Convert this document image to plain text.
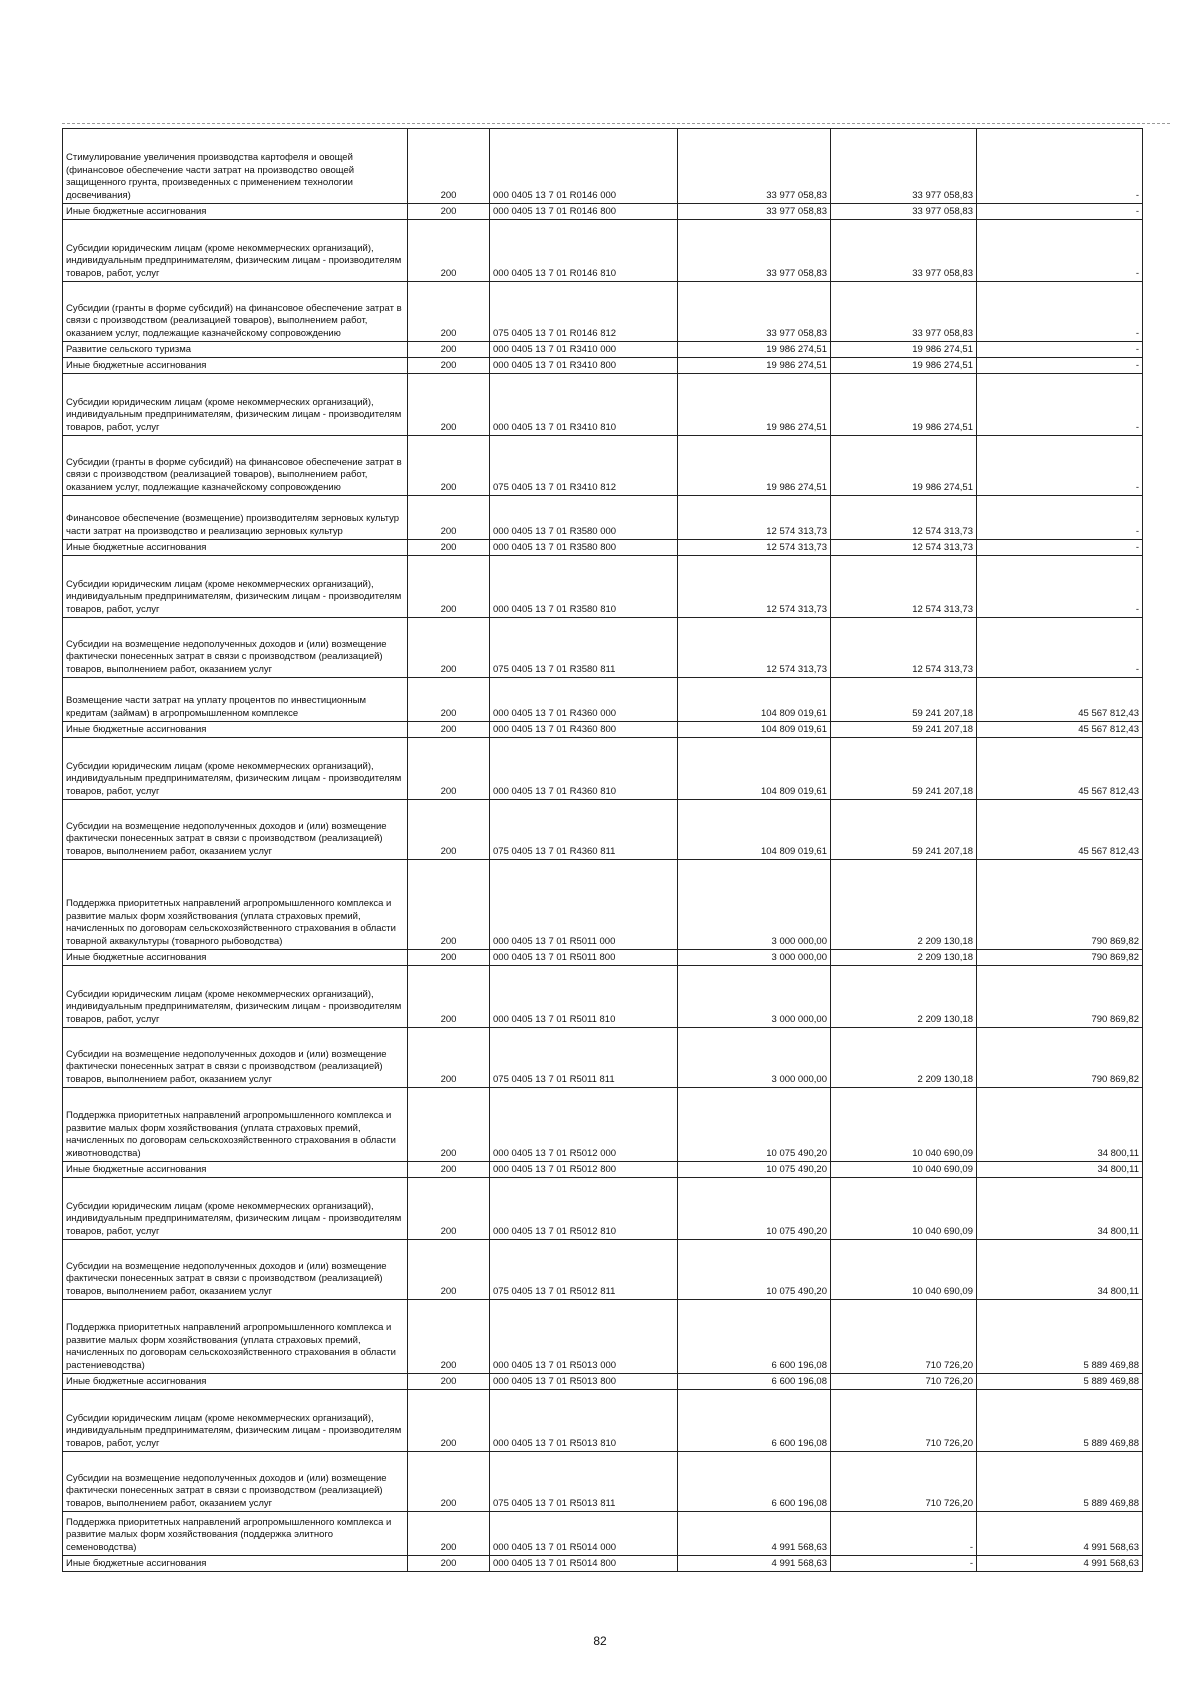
Стимулирование увеличения производства картофеля и овощей (финансовое обеспечение части затрат на производство овощей защищенного грунта, произведенных с применением технологии досвечивания)	200	000 0405 13 7 01 R0146 000	33 977 058,83	33 977 058,83	-
Иные бюджетные ассигнования	200	000 0405 13 7 01 R0146 800	33 977 058,83	33 977 058,83	-
Субсидии юридическим лицам (кроме некоммерческих организаций), индивидуальным предпринимателям, физическим лицам - производителям товаров, работ, услуг	200	000 0405 13 7 01 R0146 810	33 977 058,83	33 977 058,83	-
Субсидии (гранты в форме субсидий) на финансовое обеспечение затрат в связи с производством (реализацией товаров), выполнением работ, оказанием услуг, подлежащие казначейскому сопровождению	200	075 0405 13 7 01 R0146 812	33 977 058,83	33 977 058,83	-
Развитие сельского туризма	200	000 0405 13 7 01 R3410 000	19 986 274,51	19 986 274,51	-
Иные бюджетные ассигнования	200	000 0405 13 7 01 R3410 800	19 986 274,51	19 986 274,51	-
Субсидии юридическим лицам (кроме некоммерческих организаций), индивидуальным предпринимателям, физическим лицам - производителям товаров, работ, услуг	200	000 0405 13 7 01 R3410 810	19 986 274,51	19 986 274,51	-
Субсидии (гранты в форме субсидий) на финансовое обеспечение затрат в связи с производством (реализацией товаров), выполнением работ, оказанием услуг, подлежащие казначейскому сопровождению	200	075 0405 13 7 01 R3410 812	19 986 274,51	19 986 274,51	-
Финансовое обеспечение (возмещение) производителям зерновых культур части затрат на производство и реализацию зерновых культур	200	000 0405 13 7 01 R3580 000	12 574 313,73	12 574 313,73	-
Иные бюджетные ассигнования	200	000 0405 13 7 01 R3580 800	12 574 313,73	12 574 313,73	-
Субсидии юридическим лицам (кроме некоммерческих организаций), индивидуальным предпринимателям, физическим лицам - производителям товаров, работ, услуг	200	000 0405 13 7 01 R3580 810	12 574 313,73	12 574 313,73	-
Субсидии на возмещение недополученных доходов и (или) возмещение фактически понесенных затрат в связи с производством (реализацией) товаров, выполнением работ, оказанием услуг	200	075 0405 13 7 01 R3580 811	12 574 313,73	12 574 313,73	-
Возмещение части затрат на уплату процентов по инвестиционным кредитам (займам) в агропромышленном комплексе	200	000 0405 13 7 01 R4360 000	104 809 019,61	59 241 207,18	45 567 812,43
Иные бюджетные ассигнования	200	000 0405 13 7 01 R4360 800	104 809 019,61	59 241 207,18	45 567 812,43
Субсидии юридическим лицам (кроме некоммерческих организаций), индивидуальным предпринимателям, физическим лицам - производителям товаров, работ, услуг	200	000 0405 13 7 01 R4360 810	104 809 019,61	59 241 207,18	45 567 812,43
Субсидии на возмещение недополученных доходов и (или) возмещение фактически понесенных затрат в связи с производством (реализацией) товаров, выполнением работ, оказанием услуг	200	075 0405 13 7 01 R4360 811	104 809 019,61	59 241 207,18	45 567 812,43
Поддержка приоритетных направлений агропромышленного комплекса и развитие малых форм хозяйствования (уплата страховых премий, начисленных по договорам сельскохозяйственного страхования в области товарной аквакультуры (товарного рыбоводства)	200	000 0405 13 7 01 R5011 000	3 000 000,00	2 209 130,18	790 869,82
Иные бюджетные ассигнования	200	000 0405 13 7 01 R5011 800	3 000 000,00	2 209 130,18	790 869,82
Субсидии юридическим лицам (кроме некоммерческих организаций), индивидуальным предпринимателям, физическим лицам - производителям товаров, работ, услуг	200	000 0405 13 7 01 R5011 810	3 000 000,00	2 209 130,18	790 869,82
Субсидии на возмещение недополученных доходов и (или) возмещение фактически понесенных затрат в связи с производством (реализацией) товаров, выполнением работ, оказанием услуг	200	075 0405 13 7 01 R5011 811	3 000 000,00	2 209 130,18	790 869,82
Поддержка приоритетных направлений агропромышленного комплекса и развитие малых форм хозяйствования (уплата страховых премий, начисленных по договорам сельскохозяйственного страхования в области животноводства)	200	000 0405 13 7 01 R5012 000	10 075 490,20	10 040 690,09	34 800,11
Иные бюджетные ассигнования	200	000 0405 13 7 01 R5012 800	10 075 490,20	10 040 690,09	34 800,11
Субсидии юридическим лицам (кроме некоммерческих организаций), индивидуальным предпринимателям, физическим лицам - производителям товаров, работ, услуг	200	000 0405 13 7 01 R5012 810	10 075 490,20	10 040 690,09	34 800,11
Субсидии на возмещение недополученных доходов и (или) возмещение фактически понесенных затрат в связи с производством (реализацией) товаров, выполнением работ, оказанием услуг	200	075 0405 13 7 01 R5012 811	10 075 490,20	10 040 690,09	34 800,11
Поддержка приоритетных направлений агропромышленного комплекса и развитие малых форм хозяйствования (уплата страховых премий, начисленных по договорам сельскохозяйственного страхования в области растениеводства)	200	000 0405 13 7 01 R5013 000	6 600 196,08	710 726,20	5 889 469,88
Иные бюджетные ассигнования	200	000 0405 13 7 01 R5013 800	6 600 196,08	710 726,20	5 889 469,88
Субсидии юридическим лицам (кроме некоммерческих организаций), индивидуальным предпринимателям, физическим лицам - производителям товаров, работ, услуг	200	000 0405 13 7 01 R5013 810	6 600 196,08	710 726,20	5 889 469,88
Субсидии на возмещение недополученных доходов и (или) возмещение фактически понесенных затрат в связи с производством (реализацией) товаров, выполнением работ, оказанием услуг	200	075 0405 13 7 01 R5013 811	6 600 196,08	710 726,20	5 889 469,88
Поддержка приоритетных направлений агропромышленного комплекса и развитие малых форм хозяйствования (поддержка элитного семеноводства)	200	000 0405 13 7 01 R5014 000	4 991 568,63	-	4 991 568,63
Иные бюджетные ассигнования	200	000 0405 13 7 01 R5014 800	4 991 568,63	-	4 991 568,63
82
